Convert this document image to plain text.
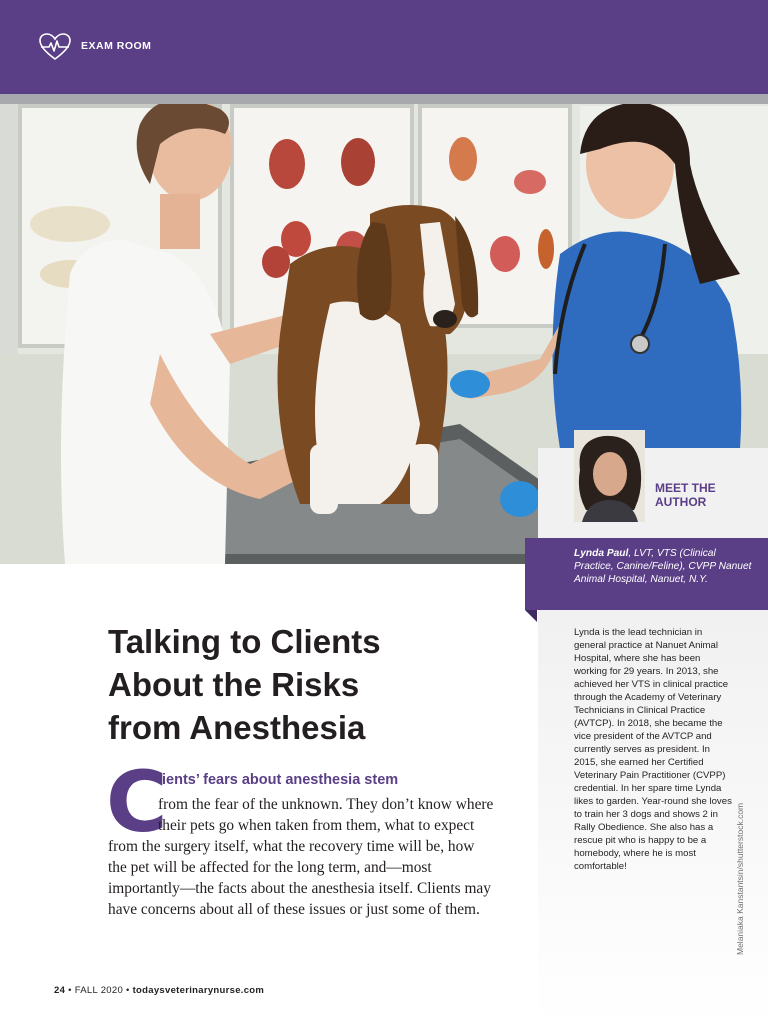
EXAM ROOM
MEET THE
AUTHOR
Lynda Paul, LVT, VTS (Clinical Practice, Canine/Feline), CVPP Nanuet Animal Hospital, Nanuet, N.Y.
Lynda is the lead technician in general practice at Nanuet Animal Hospital, where she has been working for 29 years. In 2013, she achieved her VTS in clinical practice through the Academy of Veterinary Technicians in Clinical Practice (AVTCP). In 2018, she became the vice president of the AVTCP and currently serves as president. In 2015, she earned her Certified Veterinary Pain Practitioner (CVPP) credential. In her spare time Lynda likes to garden. Year-round she loves to train her 3 dogs and shows 2 in Rally Obedience. She also has a rescue pit who is happy to be a homebody, where he is most comfortable!	Melaniaka Kanstantsin/shutterstock.com
Talking to Clients
About the Risks
from Anesthesia
C
lients’ fears about anesthesia stem
from the fear of the unknown. They don’t know where their pets go when taken from them, what to expect from the surgery itself, what the recovery time will be, how the pet will be affected for the long term, and—most importantly—the facts about the anesthesia itself. Clients may have concerns about all of these issues or just some of them.
24 • FALL 2020 • todaysveterinarynurse.com
